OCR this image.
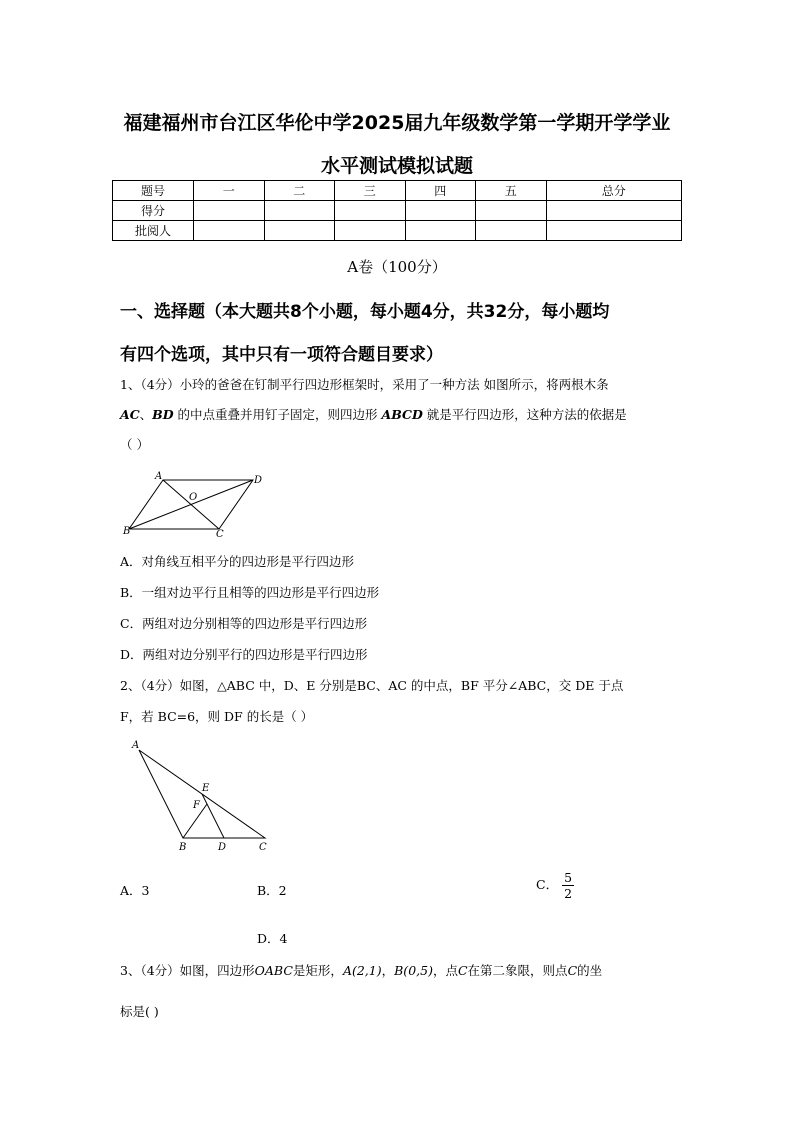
福建福州市台江区华伦中学2025届九年级数学第一学期开学学业
水平测试模拟试题
题号	一	二	三	四	五	总分
得分						
批阅人						
A卷（100分）
一、选择题（本大题共8个小题，每小题4分，共32分，每小题均
有四个选项，其中只有一项符合题目要求）
1、（4分）小玲的爸爸在钉制平行四边形框架时，采用了一种方法 如图所示，将两根木条
AC、BD 的中点重叠并用钉子固定，则四边形 ABCD 就是平行四边形，这种方法的依据是
（ ）
A	D
O
B	C
A．对角线互相平分的四边形是平行四边形
B．一组对边平行且相等的四边形是平行四边形
C．两组对边分别相等的四边形是平行四边形
D．两组对边分别平行的四边形是平行四边形
2、（4分）如图，△ABC 中，D、E 分别是BC、AC 的中点，BF 平分∠ABC，交 DE 于点
F，若 BC=6，则 DF 的长是（ ）
A
E
F
B	D	C
A．3	B．2	C． $\frac{5}{2}$
D．4
3、（4分）如图，四边形OABC是矩形，A(2,1)，B(0,5)，点C在第二象限，则点C的坐
标是( )
